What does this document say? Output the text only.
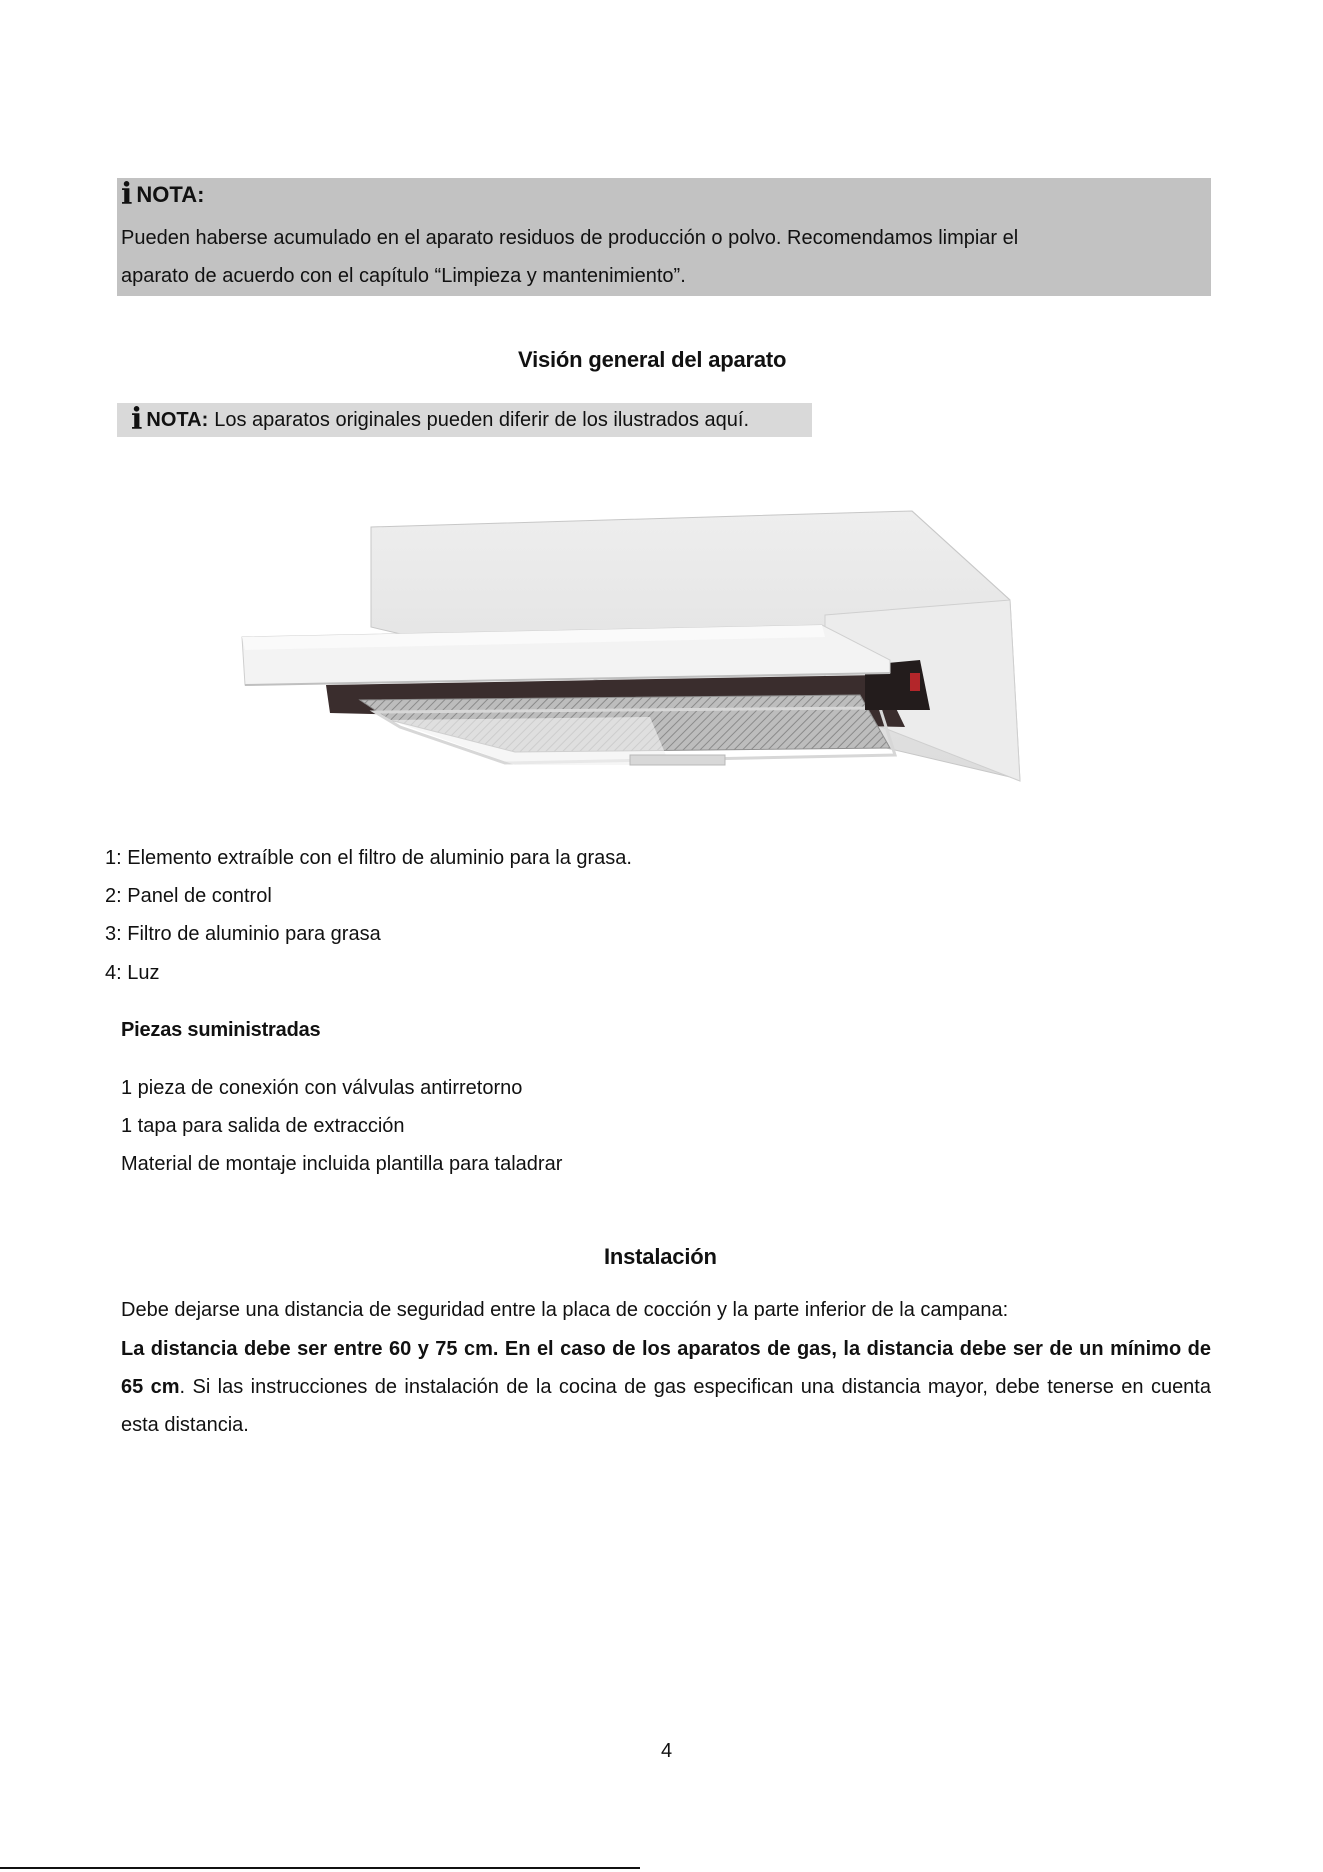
i NOTA:
Pueden haberse acumulado en el aparato residuos de producción o polvo. Recomendamos limpiar el
aparato de acuerdo con el capítulo “Limpieza y mantenimiento”.
Visión general del aparato
i NOTA: Los aparatos originales pueden diferir de los ilustrados aquí.
1: Elemento extraíble con el filtro de aluminio para la grasa.
2: Panel de control
3: Filtro de aluminio para grasa
4: Luz
Piezas suministradas
1 pieza de conexión con válvulas antirretorno
1 tapa para salida de extracción
Material de montaje incluida plantilla para taladrar
Instalación
Debe dejarse una distancia de seguridad entre la placa de cocción y la parte inferior de la campana:
La distancia debe ser entre 60 y 75 cm. En el caso de los aparatos de gas, la distancia debe ser de un mínimo de 65 cm. Si las instrucciones de instalación de la cocina de gas especifican una distancia mayor, debe tenerse en cuenta esta distancia.
4
